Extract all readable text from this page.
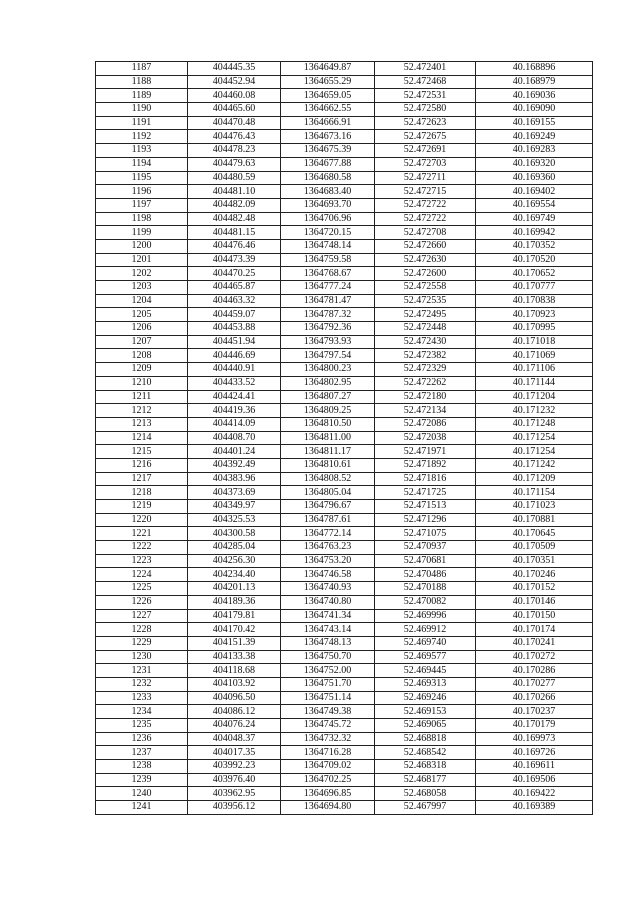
1187	404445.35	1364649.87	52.472401	40.168896
1188	404452.94	1364655.29	52.472468	40.168979
1189	404460.08	1364659.05	52.472531	40.169036
1190	404465.60	1364662.55	52.472580	40.169090
1191	404470.48	1364666.91	52.472623	40.169155
1192	404476.43	1364673.16	52.472675	40.169249
1193	404478.23	1364675.39	52.472691	40.169283
1194	404479.63	1364677.88	52.472703	40.169320
1195	404480.59	1364680.58	52.472711	40.169360
1196	404481.10	1364683.40	52.472715	40.169402
1197	404482.09	1364693.70	52.472722	40.169554
1198	404482.48	1364706.96	52.472722	40.169749
1199	404481.15	1364720.15	52.472708	40.169942
1200	404476.46	1364748.14	52.472660	40.170352
1201	404473.39	1364759.58	52.472630	40.170520
1202	404470.25	1364768.67	52.472600	40.170652
1203	404465.87	1364777.24	52.472558	40.170777
1204	404463.32	1364781.47	52.472535	40.170838
1205	404459.07	1364787.32	52.472495	40.170923
1206	404453.88	1364792.36	52.472448	40.170995
1207	404451.94	1364793.93	52.472430	40.171018
1208	404446.69	1364797.54	52.472382	40.171069
1209	404440.91	1364800.23	52.472329	40.171106
1210	404433.52	1364802.95	52.472262	40.171144
1211	404424.41	1364807.27	52.472180	40.171204
1212	404419.36	1364809.25	52.472134	40.171232
1213	404414.09	1364810.50	52.472086	40.171248
1214	404408.70	1364811.00	52.472038	40.171254
1215	404401.24	1364811.17	52.471971	40.171254
1216	404392.49	1364810.61	52.471892	40.171242
1217	404383.96	1364808.52	52.471816	40.171209
1218	404373.69	1364805.04	52.471725	40.171154
1219	404349.97	1364796.67	52.471513	40.171023
1220	404325.53	1364787.61	52.471296	40.170881
1221	404300.58	1364772.14	52.471075	40.170645
1222	404285.04	1364763.23	52.470937	40.170509
1223	404256.30	1364753.20	52.470681	40.170351
1224	404234.40	1364746.58	52.470486	40.170246
1225	404201.13	1364740.93	52.470188	40.170152
1226	404189.36	1364740.80	52.470082	40.170146
1227	404179.81	1364741.34	52.469996	40.170150
1228	404170.42	1364743.14	52.469912	40.170174
1229	404151.39	1364748.13	52.469740	40.170241
1230	404133.38	1364750.70	52.469577	40.170272
1231	404118.68	1364752.00	52.469445	40.170286
1232	404103.92	1364751.70	52.469313	40.170277
1233	404096.50	1364751.14	52.469246	40.170266
1234	404086.12	1364749.38	52.469153	40.170237
1235	404076.24	1364745.72	52.469065	40.170179
1236	404048.37	1364732.32	52.468818	40.169973
1237	404017.35	1364716.28	52.468542	40.169726
1238	403992.23	1364709.02	52.468318	40.169611
1239	403976.40	1364702.25	52.468177	40.169506
1240	403962.95	1364696.85	52.468058	40.169422
1241	403956.12	1364694.80	52.467997	40.169389
